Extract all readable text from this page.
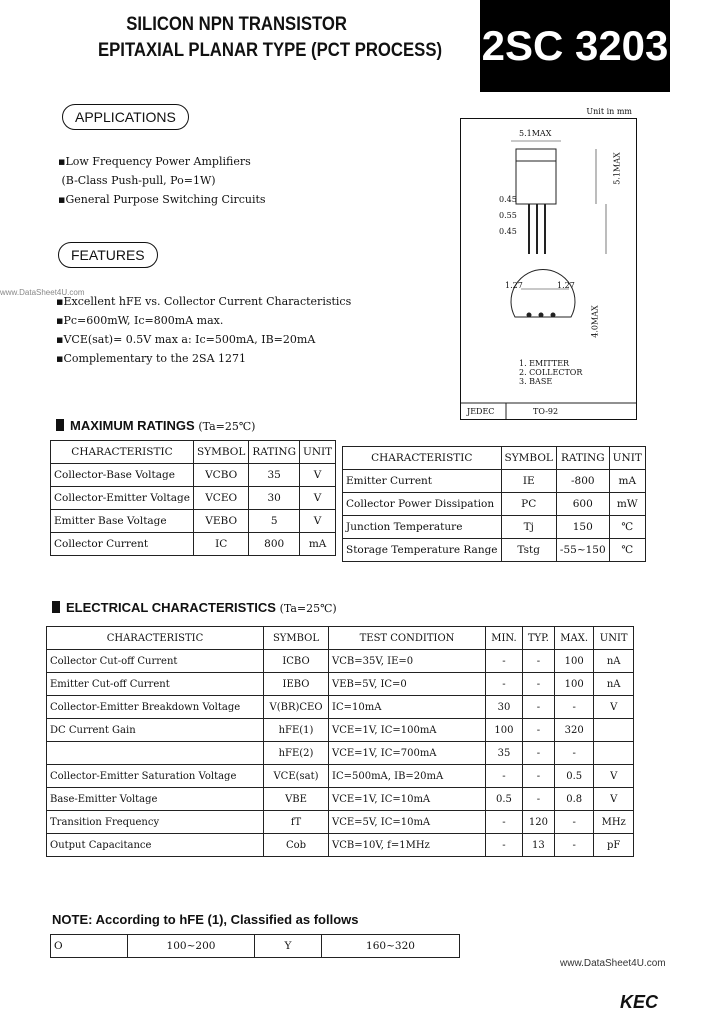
SILICON NPN TRANSISTOR
EPITAXIAL PLANAR TYPE (PCT PROCESS) 2SC 3203
www.DataSheet4U.com
APPLICATIONS
▪Low Frequency Power Amplifiers
(B-Class Push-pull, Po=1W)
▪General Purpose Switching Circuits
FEATURES
▪Excellent hFE vs. Collector Current Characteristics
▪Pc=600mW, Ic=800mA max.
▪VCE(sat)= 0.5V max a: Ic=500mA, IB=20mA
▪Complementary to the 2SA 1271
Unit in mm
5.1MAX
5.1MAX
0.45
0.55
0.45
1.27	1.27
4.0MAX
1. EMITTER
2. COLLECTOR
3. BASE
JEDEC	TO-92
MAXIMUM RATINGS (Ta=25℃)
CHARACTERISTIC	SYMBOL	RATING	UNIT
Collector-Base Voltage	VCBO	35	V
Collector-Emitter Voltage	VCEO	30	V
Emitter Base Voltage	VEBO	5	V
Collector Current	IC	800	mA
CHARACTERISTIC	SYMBOL	RATING	UNIT
Emitter Current	IE	-800	mA
Collector Power Dissipation	PC	600	mW
Junction Temperature	Tj	150	℃
Storage Temperature Range	Tstg	-55~150	℃
ELECTRICAL CHARACTERISTICS (Ta=25℃)
CHARACTERISTIC	SYMBOL	TEST CONDITION	MIN.	TYP.	MAX.	UNIT
Collector Cut-off Current	ICBO	VCB=35V, IE=0	-	-	100	nA
Emitter Cut-off Current	IEBO	VEB=5V, IC=0	-	-	100	nA
Collector-Emitter Breakdown Voltage	V(BR)CEO	IC=10mA	30	-	-	V
DC Current Gain	hFE(1)	VCE=1V, IC=100mA	100	-	320	
	hFE(2)	VCE=1V, IC=700mA	35	-	-	
Collector-Emitter Saturation Voltage	VCE(sat)	IC=500mA, IB=20mA	-	-	0.5	V
Base-Emitter Voltage	VBE	VCE=1V, IC=10mA	0.5	-	0.8	V
Transition Frequency	fT	VCE=5V, IC=10mA	-	120	-	MHz
Output Capacitance	Cob	VCB=10V, f=1MHz	-	13	-	pF
NOTE: According to hFE (1), Classified as follows
O	100~200	Y	160~320
www.DataSheet4U.com
KEC
